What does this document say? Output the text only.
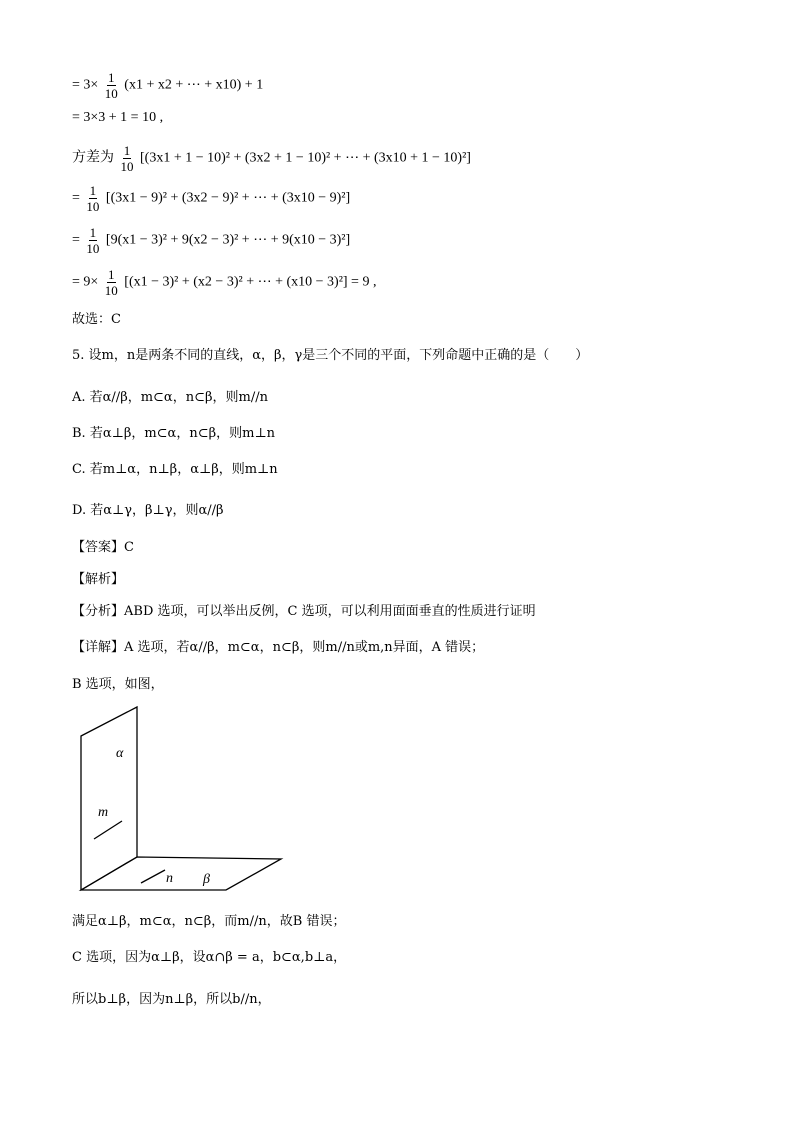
= $3\times \frac{1}{10} (x1 + x2$ + ⋯ + x10) + 1
= 3×3 + 1 = 10 ,
方差为 $\frac{1}{10} [(3x1 + 1 - 10)^2 + (3x2 + 1 - 10)^2$ + ⋯ + (3x10 + 1 − 10)²]
= $\frac{1}{10} [(3x1 - 9)^2 + (3x2 - 9)^2$ + ⋯ + (3x10 − 9)²]
= $\frac{1}{10} [9(x1 - 3)^2 + 9(x2 - 3)^2$ + ⋯ + 9(x10 − 3)²]
= $9\times \frac{1}{10} [(x1 - 3)^2 + (x2 - 3)^2$ + ⋯ + (x10 − 3)²] = 9 ,
故选：C
5. 设m，n是两条不同的直线，α，β，γ是三个不同的平面，下列命题中正确的是（　　）
A. 若α//β，m⊂α，n⊂β，则m//n
B. 若α⊥β，m⊂α，n⊂β，则m⊥n
C. 若m⊥α，n⊥β，α⊥β，则m⊥n
D. 若α⊥γ，β⊥γ，则α//β
【答案】C
【解析】
【分析】ABD 选项，可以举出反例，C 选项，可以利用面面垂直的性质进行证明
【详解】A 选项，若α//β，m⊂α，n⊂β，则m//n或m,n异面，A 错误；
B 选项，如图，
α
m
n β
满足α⊥β，m⊂α，n⊂β，而m//n，故B 错误；
C 选项，因为α⊥β，设α∩β = a，b⊂α,b⊥a，
所以b⊥β，因为n⊥β，所以b//n，
